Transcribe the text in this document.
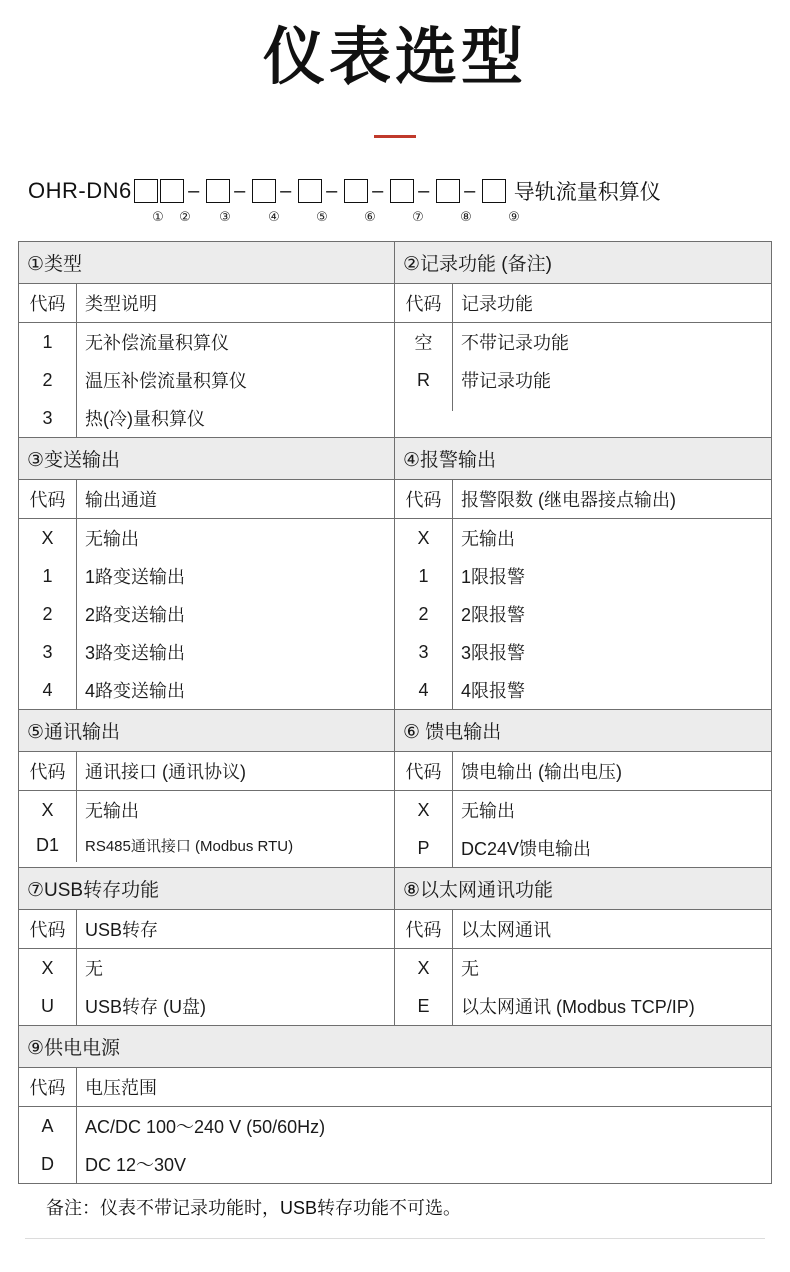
仪表选型
OHR-DN6	– – – – – – – 导轨流量积算仪
①	②	③	④	⑤	⑥	⑦	⑧	⑨
①类型
代码	类型说明
1	无补偿流量积算仪
2	温压补偿流量积算仪
3	热(冷)量积算仪
②记录功能 (备注)
代码	记录功能
空	不带记录功能
R	带记录功能
③变送输出
代码	输出通道
X	无输出
1	1路变送输出
2	2路变送输出
3	3路变送输出
4	4路变送输出
④报警输出
代码	报警限数 (继电器接点输出)
X	无输出
1	1限报警
2	2限报警
3	3限报警
4	4限报警
⑤通讯输出
代码	通讯接口 (通讯协议)
X	无输出
D1	RS485通讯接口 (Modbus RTU)
⑥ 馈电输出
代码	馈电输出 (输出电压)
X	无输出
P	DC24V馈电输出
⑦USB转存功能
代码	USB转存
X	无
U	USB转存 (U盘)
⑧以太网通讯功能
代码	以太网通讯
X	无
E	以太网通讯 (Modbus TCP/IP)
⑨供电电源
代码	电压范围
A	AC/DC 100～240 V (50/60Hz)
D	DC 12～30V
备注：仪表不带记录功能时，USB转存功能不可选。
